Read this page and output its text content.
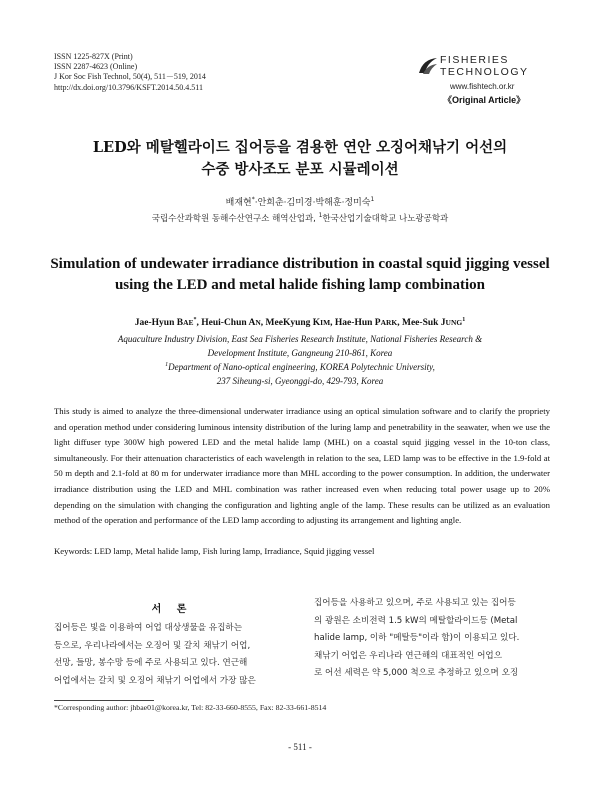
ISSN 1225-827X (Print)
ISSN 2287-4623 (Online)
J Kor Soc Fish Technol, 50(4), 511－519, 2014
http://dx.doi.org/10.3796/KSFT.2014.50.4.511
FISHERIES
TECHNOLOGY
www.fishtech.or.kr
《Original Article》
LED와 메탈헬라이드 집어등을 겸용한 연안 오징어채낚기 어선의
수중 방사조도 분포 시뮬레이션
배재현*·안희춘·김미경·박해훈·정미숙$^1$
국립수산과학원 동해수산연구소 해역산업과, $^1$한국산업기술대학교 나노광공학과
Simulation of undewater irradiance distribution in coastal squid jigging vessel
using the LED and metal halide fishing lamp combination
Jae-Hyun BAE*, Heui-Chun AN, MeeKyung KIM, Hae-Hun PARK, Mee-Suk JUNG$^1$
Aquaculture Industry Division, East Sea Fisheries Research Institute, National Fisheries Research &
Development Institute, Gangneung 210-861, Korea
$^1$Department of Nano-optical engineering, KOREA Polytechnic University,
237 Siheung-si, Gyeonggi-do, 429-793, Korea
This study is aimed to analyze the three-dimensional underwater irradiance using an optical simulation software and to clarify the propriety and operation method under considering luminous intensity distribution of the luring lamp and penetrability in the seawater, when we use the light diffuser type 300W high powered LED and the metal halide lamp (MHL) on a coastal squid jigging vessel in the 10-ton class, simultaneously. For their attenuation characteristics of each wavelength in relation to the sea, LED lamp was to be effective in the 1.9-fold at 50 m depth and 2.1-fold at 80 m for underwater irradiance more than MHL according to the power consumption. In addition, the underwater irradiance distribution using the LED and MHL combination was rather increased even when reducing total power usage up to 20% depending on the simulation with changing the configuration and lighting angle of the lamp. These results can be utilized as an evaluation method of the operation and performance of the LED lamp according to adjusting its arrangement and lighting angle.
Keywords: LED lamp, Metal halide lamp, Fish luring lamp, Irradiance, Squid jigging vessel
서 론
집어등은 빛을 이용하여 어업 대상생물을 유집하는
등으로, 우리나라에서는 오징어 및 갈치 채낚기 어업,
선망, 들망, 봉수망 등에 주로 사용되고 있다. 연근해
어업에서는 갈치 및 오징어 채낚기 어업에서 가장 많은
집어등을 사용하고 있으며, 주로 사용되고 있는 집어등
의 광원은 소비전력 1.5 kW의 메탈할라이드등 (Metal
halide lamp, 이하 "메탈등"이라 함)이 이용되고 있다.
채낚기 어업은 우리나라 연근해의 대표적인 어업으
로 어선 세력은 약 5,000 척으로 추정하고 있으며 오징
*Corresponding author: jhbae01@korea.kr, Tel: 82-33-660-8555, Fax: 82-33-661-8514
- 511 -
